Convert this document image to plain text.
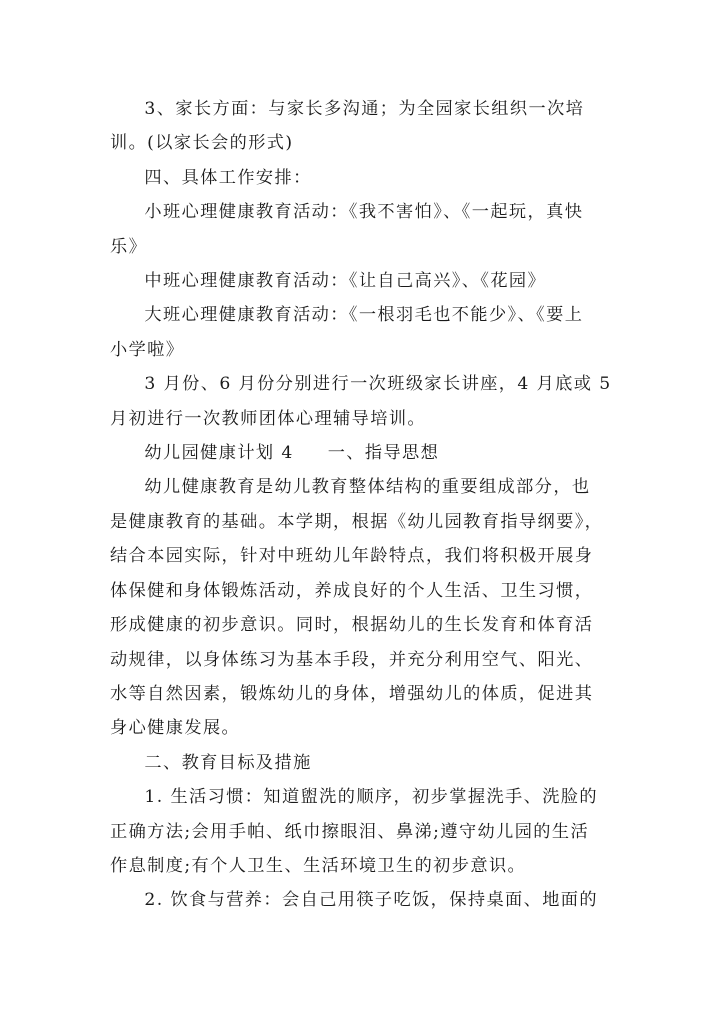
3、家长方面：与家长多沟通；为全园家长组织一次培
训。(以家长会的形式)

四、具体工作安排：

小班心理健康教育活动：《我不害怕》、《一起玩，真快
乐》

中班心理健康教育活动：《让自己高兴》、《花园》

大班心理健康教育活动：《一根羽毛也不能少》、《要上
小学啦》

3 月份、6 月份分别进行一次班级家长讲座，4 月底或 5
月初进行一次教师团体心理辅导培训。

幼儿园健康计划 4 一、指导思想

幼儿健康教育是幼儿教育整体结构的重要组成部分，也
是健康教育的基础。本学期，根据《幼儿园教育指导纲要》，
结合本园实际，针对中班幼儿年龄特点，我们将积极开展身
体保健和身体锻炼活动，养成良好的个人生活、卫生习惯，
形成健康的初步意识。同时，根据幼儿的生长发育和体育活
动规律，以身体练习为基本手段，并充分利用空气、阳光、
水等自然因素，锻炼幼儿的身体，增强幼儿的体质，促进其
身心健康发展。

二、教育目标及措施

1. 生活习惯：知道盥洗的顺序，初步掌握洗手、洗脸的
正确方法;会用手帕、纸巾擦眼泪、鼻涕;遵守幼儿园的生活
作息制度;有个人卫生、生活环境卫生的初步意识。

2. 饮食与营养：会自己用筷子吃饭，保持桌面、地面的
